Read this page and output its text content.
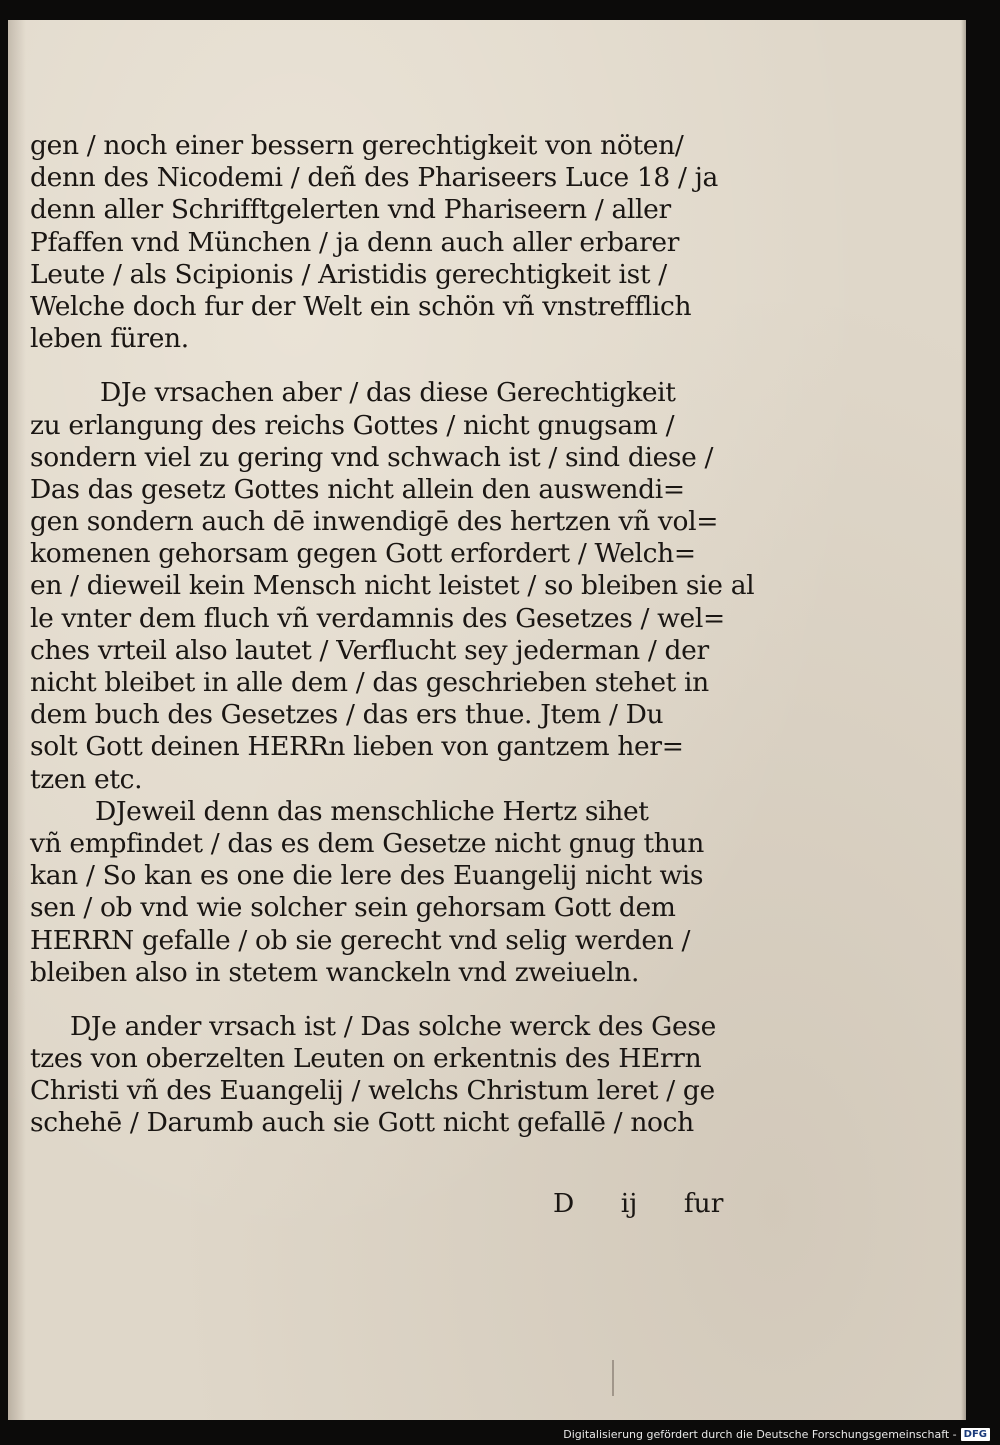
gen / noch einer bessern gerechtigkeit von nöten/
denn des Nicodemi / deñ des Phariseers Luce 18 / ja
denn aller Schrifftgelerten vnd Phariseern / aller
Pfaffen vnd München / ja denn auch aller erbarer
Leute / als Scipionis / Aristidis gerechtigkeit ist /
Welche doch fur der Welt ein schön vñ vnstrefflich
leben füren.
DJe vrsachen aber / das diese Gerechtigkeit
zu erlangung des reichs Gottes / nicht gnugsam /
sondern viel zu gering vnd schwach ist / sind diese /
Das das gesetz Gottes nicht allein den auswendi=
gen sondern auch dē inwendigē des hertzen vñ vol=
komenen gehorsam gegen Gott erfordert / Welch=
en / dieweil kein Mensch nicht leistet / so bleiben sie al
le vnter dem fluch vñ verdamnis des Gesetzes / wel=
ches vrteil also lautet / Verflucht sey jederman / der
nicht bleibet in alle dem / das geschrieben stehet in
dem buch des Gesetzes / das ers thue. Jtem / Du
solt Gott deinen HERRn lieben von gantzem her=
tzen etc.
DJeweil denn das menschliche Hertz sihet
vñ empfindet / das es dem Gesetze nicht gnug thun
kan / So kan es one die lere des Euangelij nicht wis
sen / ob vnd wie solcher sein gehorsam Gott dem
HERRN gefalle / ob sie gerecht vnd selig werden /
bleiben also in stetem wanckeln vnd zweiueln.
DJe ander vrsach ist / Das solche werck des Gese
tzes von oberzelten Leuten on erkentnis des HErrn
Christi vñ des Euangelij / welchs Christum leret / ge
schehē / Darumb auch sie Gott nicht gefallē / noch
D ij fur
Digitalisierung gefördert durch die Deutsche Forschungsgemeinschaft - DFG
